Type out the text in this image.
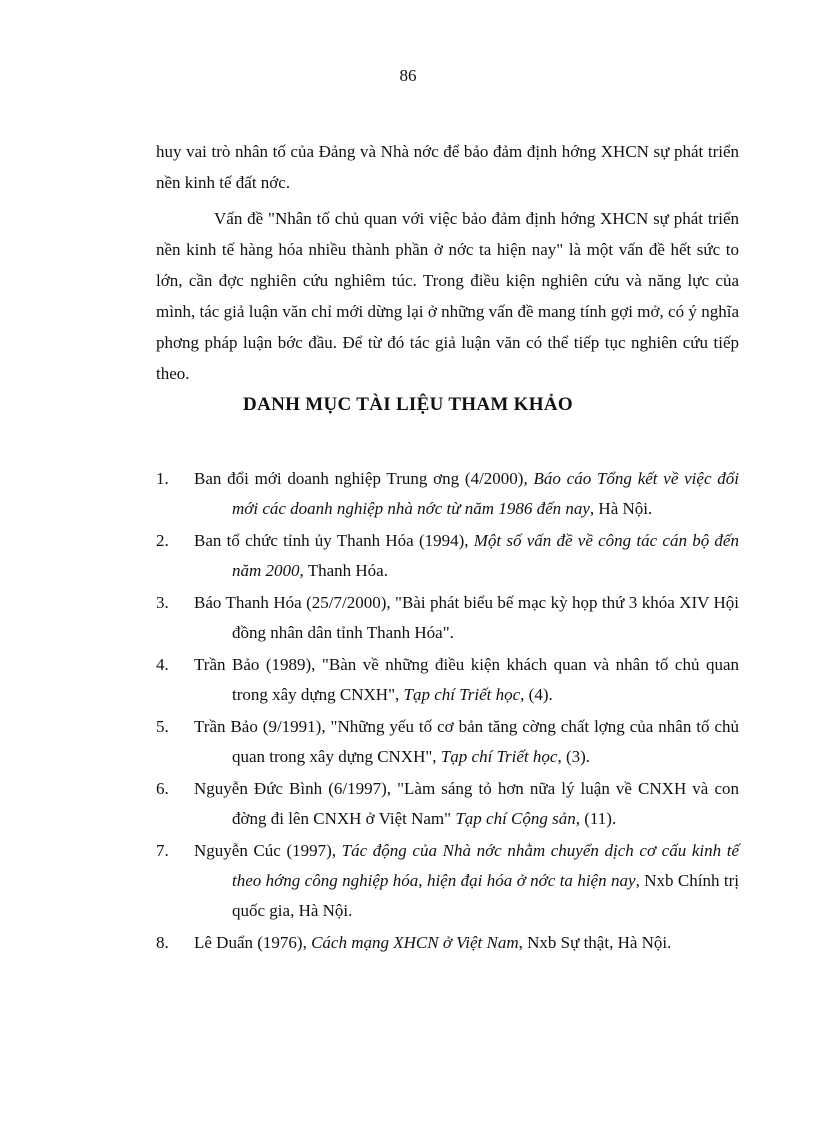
86

huy vai trò nhân tố của Đảng và Nhà nớc để bảo đảm định hớng XHCN sự phát triển nền kinh tế đất nớc.

Vấn đề "Nhân tố chủ quan với việc bảo đảm định hớng XHCN sự phát triển nền kinh tế hàng hóa nhiều thành phần ở nớc ta hiện nay" là một vấn đề hết sức to lớn, cần đợc nghiên cứu nghiêm túc. Trong điều kiện nghiên cứu và năng lực của mình, tác giả luận văn chỉ mới dừng lại ở những vấn đề mang tính gợi mở, có ý nghĩa phơng pháp luận bớc đầu. Để từ đó tác giả luận văn có thể tiếp tục nghiên cứu tiếp theo.

DANH MỤC TÀI LIỆU THAM KHẢO
1. Ban đổi mới doanh nghiệp Trung ơng (4/2000), Báo cáo Tổng kết về việc đổi mới các doanh nghiệp nhà nớc từ năm 1986 đến nay, Hà Nội.
2. Ban tổ chức tỉnh ủy Thanh Hóa (1994), Một số vấn đề về công tác cán bộ đến năm 2000, Thanh Hóa.
3. Báo Thanh Hóa (25/7/2000), "Bài phát biểu bế mạc kỳ họp thứ 3 khóa XIV Hội đồng nhân dân tỉnh Thanh Hóa".
4. Trần Bảo (1989), "Bàn về những điều kiện khách quan và nhân tố chủ quan trong xây dựng CNXH", Tạp chí Triết học, (4).
5. Trần Bảo (9/1991), "Những yếu tố cơ bản tăng cờng chất lợng của nhân tố chủ quan trong xây dựng CNXH", Tạp chí Triết học, (3).
6. Nguyễn Đức Bình (6/1997), "Làm sáng tỏ hơn nữa lý luận về CNXH và con đờng đi lên CNXH ở Việt Nam" Tạp chí Cộng sản, (11).
7. Nguyễn Cúc (1997), Tác động của Nhà nớc nhằm chuyển dịch cơ cấu kinh tế theo hớng công nghiệp hóa, hiện đại hóa ở nớc ta hiện nay, Nxb Chính trị quốc gia, Hà Nội.
8. Lê Duẩn (1976), Cách mạng XHCN ở Việt Nam, Nxb Sự thật, Hà Nội.
